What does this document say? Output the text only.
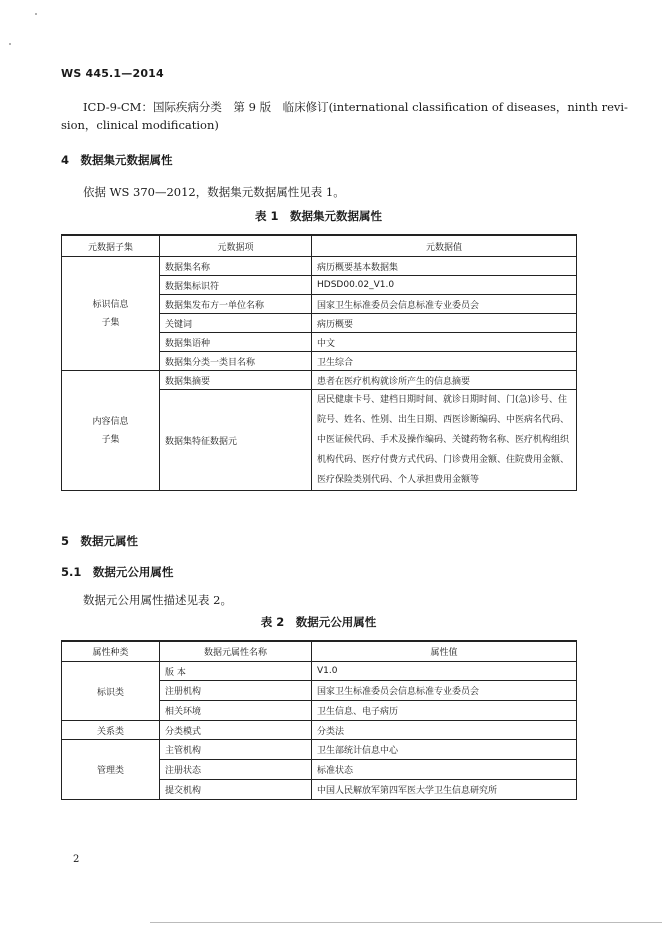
WS 445.1—2014
ICD-9-CM：国际疾病分类　第 9 版　临床修订(international classification of diseases，ninth revi-
sion，clinical modification)
4　数据集元数据属性
依据 WS 370—2012，数据集元数据属性见表 1。
表 1　数据集元数据属性
元数据子集	元数据项	元数据值
标识信息子集	数据集名称	病历概要基本数据集
	数据集标识符	HDSD00.02_V1.0
	数据集发布方一单位名称	国家卫生标准委员会信息标准专业委员会
	关键词	病历概要
	数据集语种	中文
	数据集分类一类目名称	卫生综合
内容信息子集	数据集摘要	患者在医疗机构就诊所产生的信息摘要
	数据集特征数据元	居民健康卡号、建档日期时间、就诊日期时间、门(急)诊号、住院号、姓名、性别、出生日期、西医诊断编码、中医病名代码、中医证候代码、手术及操作编码、关键药物名称、医疗机构组织机构代码、医疗付费方式代码、门诊费用金额、住院费用金额、医疗保险类别代码、个人承担费用金额等
5　数据元属性
5.1　数据元公用属性
数据元公用属性描述见表 2。
表 2　数据元公用属性
属性种类	数据元属性名称	属性值
标识类	版 本	V1.0
	注册机构	国家卫生标准委员会信息标准专业委员会
	相关环境	卫生信息、电子病历
关系类	分类模式	分类法
管理类	主管机构	卫生部统计信息中心
	注册状态	标准状态
	提交机构	中国人民解放军第四军医大学卫生信息研究所
2
